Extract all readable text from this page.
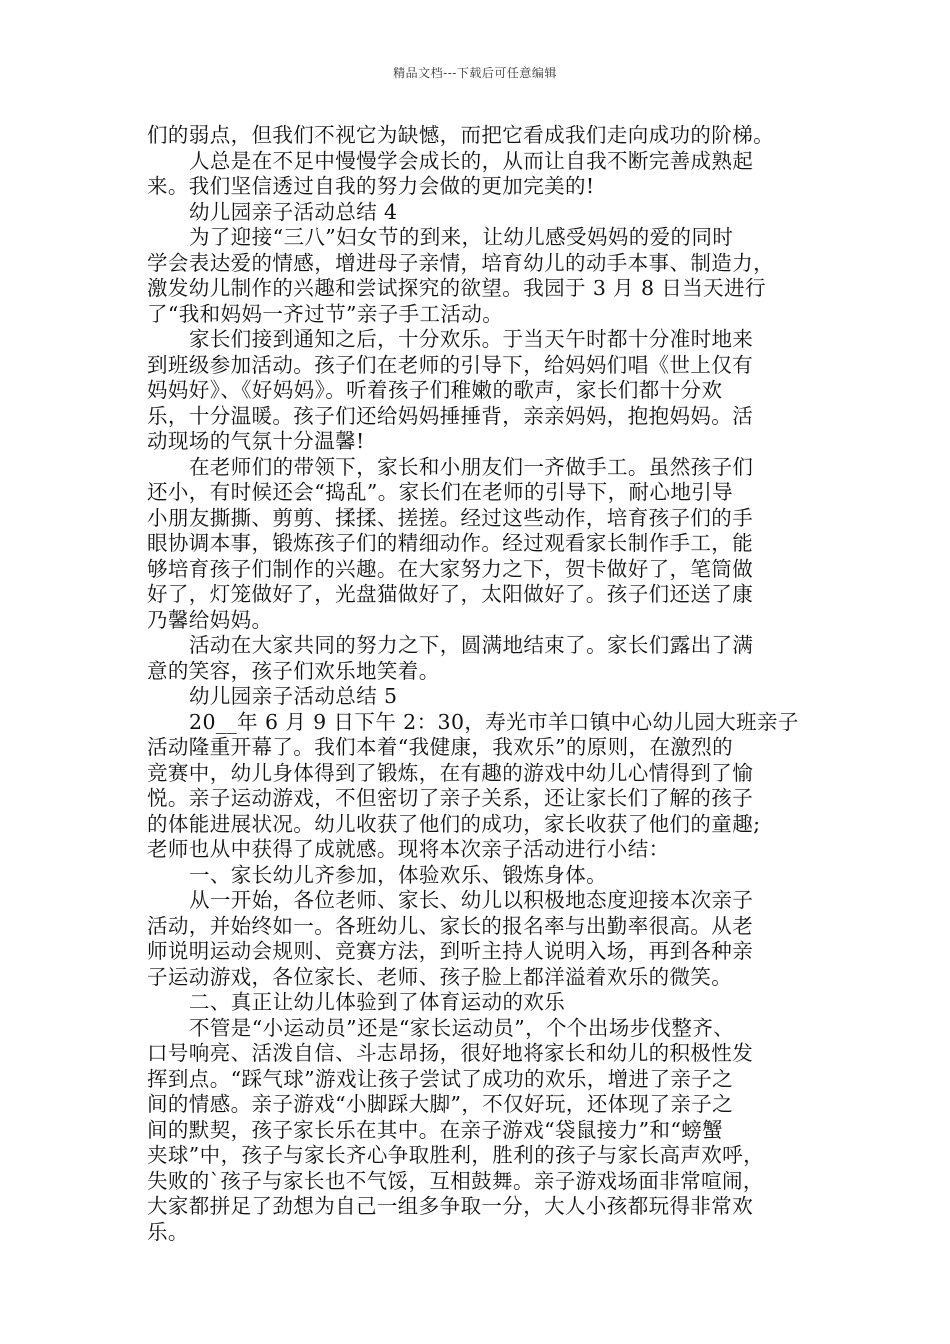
精品文档---下载后可任意编辑
们的弱点，但我们不视它为缺憾，而把它看成我们走向成功的阶梯。
人总是在不足中慢慢学会成长的，从而让自我不断完善成熟起
来。我们坚信透过自我的努力会做的更加完美的!
幼儿园亲子活动总结 4
为了迎接“三八”妇女节的到来，让幼儿感受妈妈的爱的同时
学会表达爱的情感，增进母子亲情，培育幼儿的动手本事、制造力，
激发幼儿制作的兴趣和尝试探究的欲望。我园于 3 月 8 日当天进行
了“我和妈妈一齐过节”亲子手工活动。
家长们接到通知之后，十分欢乐。于当天午时都十分准时地来
到班级参加活动。孩子们在老师的引导下，给妈妈们唱《世上仅有
妈妈好》、《好妈妈》。听着孩子们稚嫩的歌声，家长们都十分欢
乐，十分温暖。孩子们还给妈妈捶捶背，亲亲妈妈，抱抱妈妈。活
动现场的气氛十分温馨!
在老师们的带领下，家长和小朋友们一齐做手工。虽然孩子们
还小，有时候还会“捣乱”。家长们在老师的引导下，耐心地引导
小朋友撕撕、剪剪、揉揉、搓搓。经过这些动作，培育孩子们的手
眼协调本事，锻炼孩子们的精细动作。经过观看家长制作手工，能
够培育孩子们制作的兴趣。在大家努力之下，贺卡做好了，笔筒做
好了，灯笼做好了，光盘猫做好了，太阳做好了。孩子们还送了康
乃馨给妈妈。
活动在大家共同的努力之下，圆满地结束了。家长们露出了满
意的笑容，孩子们欢乐地笑着。
幼儿园亲子活动总结 5
20__年 6 月 9 日下午 2：30，寿光市羊口镇中心幼儿园大班亲子
活动隆重开幕了。我们本着“我健康，我欢乐”的原则，在激烈的
竞赛中，幼儿身体得到了锻炼，在有趣的游戏中幼儿心情得到了愉
悦。亲子运动游戏，不但密切了亲子关系，还让家长们了解的孩子
的体能进展状况。幼儿收获了他们的成功，家长收获了他们的童趣;
老师也从中获得了成就感。现将本次亲子活动进行小结：
一、家长幼儿齐参加，体验欢乐、锻炼身体。
从一开始，各位老师、家长、幼儿以积极地态度迎接本次亲子
活动，并始终如一。各班幼儿、家长的报名率与出勤率很高。从老
师说明运动会规则、竞赛方法，到听主持人说明入场，再到各种亲
子运动游戏，各位家长、老师、孩子脸上都洋溢着欢乐的微笑。
二、真正让幼儿体验到了体育运动的欢乐
不管是“小运动员”还是“家长运动员”，个个出场步伐整齐、
口号响亮、活泼自信、斗志昂扬，很好地将家长和幼儿的积极性发
挥到点。“踩气球”游戏让孩子尝试了成功的欢乐，增进了亲子之
间的情感。亲子游戏“小脚踩大脚”，不仅好玩，还体现了亲子之
间的默契，孩子家长乐在其中。在亲子游戏“袋鼠接力”和“螃蟹
夹球”中，孩子与家长齐心争取胜利，胜利的孩子与家长高声欢呼，
失败的`孩子与家长也不气馁，互相鼓舞。亲子游戏场面非常喧闹，
大家都拼足了劲想为自己一组多争取一分，大人小孩都玩得非常欢
乐。
